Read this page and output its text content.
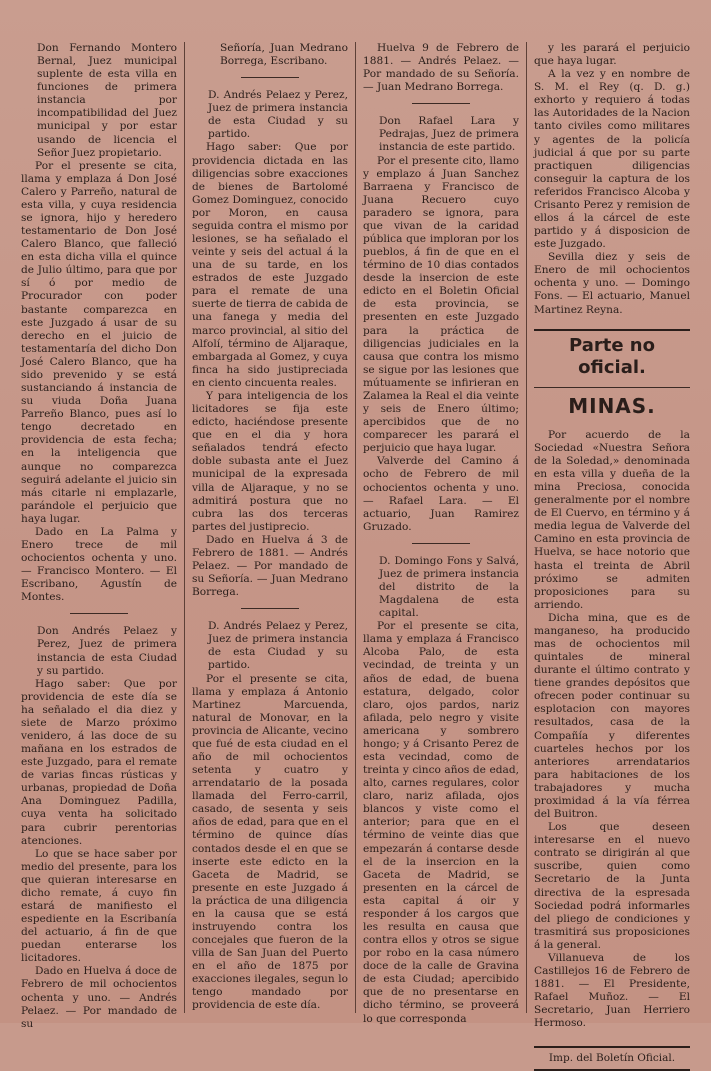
Don Fernando Montero Bernal, Juez municipal suplente de esta villa en funciones de primera instancia por incompatibilidad del Juez municipal y por estar usando de licencia el Señor Juez propietario.

Por el presente se cita, llama y emplaza á Don José Calero y Parreño, natural de esta villa, y cuya residencia se ignora, hijo y heredero testamentario de Don José Calero Blanco, que falleció en esta dicha villa el quince de Julio último, para que por sí ó por medio de Procurador con poder bastante comparezca en este Juzgado á usar de su derecho en el juicio de testamentaría del dicho Don José Calero Blanco, que ha sido prevenido y se está sustanciando á instancia de su viuda Doña Juana Parreño Blanco, pues así lo tengo decretado en providencia de esta fecha; en la inteligencia que aunque no comparezca seguirá adelante el juicio sin más citarle ni emplazarle, parándole el perjuicio que haya lugar.

Dado en La Palma y Enero trece de mil ochocientos ochenta y uno. — Francisco Montero. — El Escribano, Agustín de Montes.

Don Andrés Pelaez y Perez, Juez de primera instancia de esta Ciudad y su partido.

Hago saber: Que por providencia de este día se ha señalado el dia diez y siete de Marzo próximo venidero, á las doce de su mañana en los estrados de este Juzgado, para el remate de varias fincas rústicas y urbanas, propiedad de Doña Ana Dominguez Padilla, cuya venta ha solicitado para cubrir perentorias atenciones.

Lo que se hace saber por medio del presente, para los que quieran interesarse en dicho remate, á cuyo fin estará de manifiesto el espediente en la Escribanía del actuario, á fin de que puedan enterarse los licitadores.

Dado en Huelva á doce de Febrero de mil ochocientos ochenta y uno. — Andrés Pelaez. — Por mandado de su

Señoría, Juan Medrano Borrega, Escribano.

D. Andrés Pelaez y Perez, Juez de primera instancia de esta Ciudad y su partido.

Hago saber: Que por providencia dictada en las diligencias sobre exacciones de bienes de Bartolomé Gomez Dominguez, conocido por Moron, en causa seguida contra el mismo por lesiones, se ha señalado el veinte y seis del actual á la una de su tarde, en los estrados de este Juzgado para el remate de una suerte de tierra de cabida de una fanega y media del marco provincial, al sitio del Alfolí, término de Aljaraque, embargada al Gomez, y cuya finca ha sido justipreciada en ciento cincuenta reales.

Y para inteligencia de los licitadores se fija este edicto, haciéndose presente que en el dia y hora señalados tendrá efecto doble subasta ante el Juez municipal de la expresada villa de Aljaraque, y no se admitirá postura que no cubra las dos terceras partes del justiprecio.

Dado en Huelva á 3 de Febrero de 1881. — Andrés Pelaez. — Por mandado de su Señoría. — Juan Medrano Borrega.

D. Andrés Pelaez y Perez, Juez de primera instancia de esta Ciudad y su partido.

Por el presente se cita, llama y emplaza á Antonio Martinez Marcuenda, natural de Monovar, en la provincia de Alicante, vecino que fué de esta ciudad en el año de mil ochocientos setenta y cuatro y arrendatario de la posada llamada del Ferro-carril, casado, de sesenta y seis años de edad, para que en el término de quince días contados desde el en que se inserte este edicto en la Gaceta de Madrid, se presente en este Juzgado á la práctica de una diligencia en la causa que se está instruyendo contra los concejales que fueron de la villa de San Juan del Puerto en el año de 1875 por exacciones ilegales, segun lo tengo mandado por providencia de este día.

Huelva 9 de Febrero de 1881. — Andrés Pelaez. — Por mandado de su Señoría. — Juan Medrano Borrega.

Don Rafael Lara y Pedrajas, Juez de primera instancia de este partido.

Por el presente cito, llamo y emplazo á Juan Sanchez Barraena y Francisco de Juana Recuero cuyo paradero se ignora, para que vivan de la caridad pública que imploran por los pueblos, á fin de que en el término de 10 dias contados desde la insercion de este edicto en el Boletin Oficial de esta provincia, se presenten en este Juzgado para la práctica de diligencias judiciales en la causa que contra los mismo se sigue por las lesiones que mútuamente se infirieran en Zalamea la Real el dia veinte y seis de Enero último; apercibidos que de no comparecer les parará el perjuicio que haya lugar.

Valverde del Camino á ocho de Febrero de mil ochocientos ochenta y uno. — Rafael Lara. — El actuario, Juan Ramirez Gruzado.

D. Domingo Fons y Salvá, Juez de primera instancia del distrito de la Magdalena de esta capital.

Por el presente se cita, llama y emplaza á Francisco Alcoba Palo, de esta vecindad, de treinta y un años de edad, de buena estatura, delgado, color claro, ojos pardos, nariz afilada, pelo negro y visite americana y sombrero hongo; y á Crisanto Perez de esta vecindad, como de treinta y cinco años de edad, alto, carnes regulares, color claro, nariz afilada, ojos blancos y viste como el anterior; para que en el término de veinte dias que empezarán á contarse desde el de la insercion en la Gaceta de Madrid, se presenten en la cárcel de esta capital á oir y responder á los cargos que les resulta en causa que contra ellos y otros se sigue por robo en la casa número doce de la calle de Gravina de esta Ciudad; apercibido que de no presentarse en dicho término, se proveerá lo que corresponda

y les parará el perjuicio que haya lugar.

A la vez y en nombre de S. M. el Rey (q. D. g.) exhorto y requiero á todas las Autoridades de la Nacion tanto civiles como militares y agentes de la policía judicial á que por su parte practiquen diligencias conseguir la captura de los referidos Francisco Alcoba y Crisanto Perez y remision de ellos á la cárcel de este partido y á disposicion de este Juzgado.

Sevilla diez y seis de Enero de mil ochocientos ochenta y uno. — Domingo Fons. — El actuario, Manuel Martinez Reyna.

Parte no oficial.
MINAS.

Por acuerdo de la Sociedad «Nuestra Señora de la Soledad,» denominada en esta villa y dueña de la mina Preciosa, conocida generalmente por el nombre de El Cuervo, en término y á media legua de Valverde del Camino en esta provincia de Huelva, se hace notorio que hasta el treinta de Abril próximo se admiten proposiciones para su arriendo.

Dicha mina, que es de manganeso, ha producido mas de ochocientos mil quintales de mineral durante el último contrato y tiene grandes depósitos que ofrecen poder continuar su esplotacion con mayores resultados, casa de la Compañía y diferentes cuarteles hechos por los anteriores arrendatarios para habitaciones de los trabajadores y mucha proximidad á la vía férrea del Buitron.

Los que deseen interesarse en el nuevo contrato se dirigirán al que suscribe, quien como Secretario de la Junta directiva de la espresada Sociedad podrá informarles del pliego de condiciones y trasmitirá sus proposiciones á la general.

Villanueva de los Castillejos 16 de Febrero de 1881. — El Presidente, Rafael Muñoz. — El Secretario, Juan Herriero Hermoso.

Imp. del Boletín Oficial.
